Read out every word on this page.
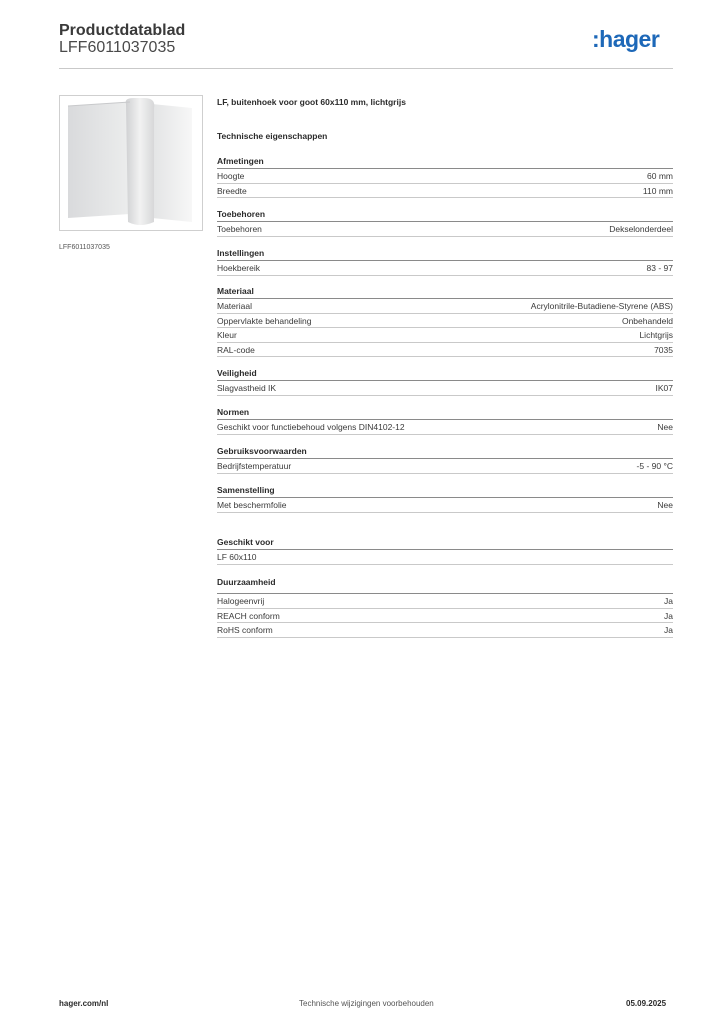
Productdatablad
LFF6011037035	:hager
LFF6011037035
LF, buitenhoek voor goot 60x110 mm, lichtgrijs
Technische eigenschappen
Afmetingen
Hoogte	60 mm
Breedte	110 mm
Toebehoren
Toebehoren	Dekselonderdeel
Instellingen
Hoekbereik	83 - 97
Materiaal
Materiaal	Acrylonitrile-Butadiene-Styrene (ABS)
Oppervlakte behandeling	Onbehandeld
Kleur	Lichtgrijs
RAL-code	7035
Veiligheid
Slagvastheid IK	IK07
Normen
Geschikt voor functiebehoud volgens DIN4102-12	Nee
Gebruiksvoorwaarden
Bedrijfstemperatuur	-5 - 90 °C
Samenstelling
Met beschermfolie	Nee
Geschikt voor
LF 60x110
Duurzaamheid
Halogeenvrij	Ja
REACH conform	Ja
RoHS conform	Ja
hager.com/nl	Technische wijzigingen voorbehouden	05.09.2025
